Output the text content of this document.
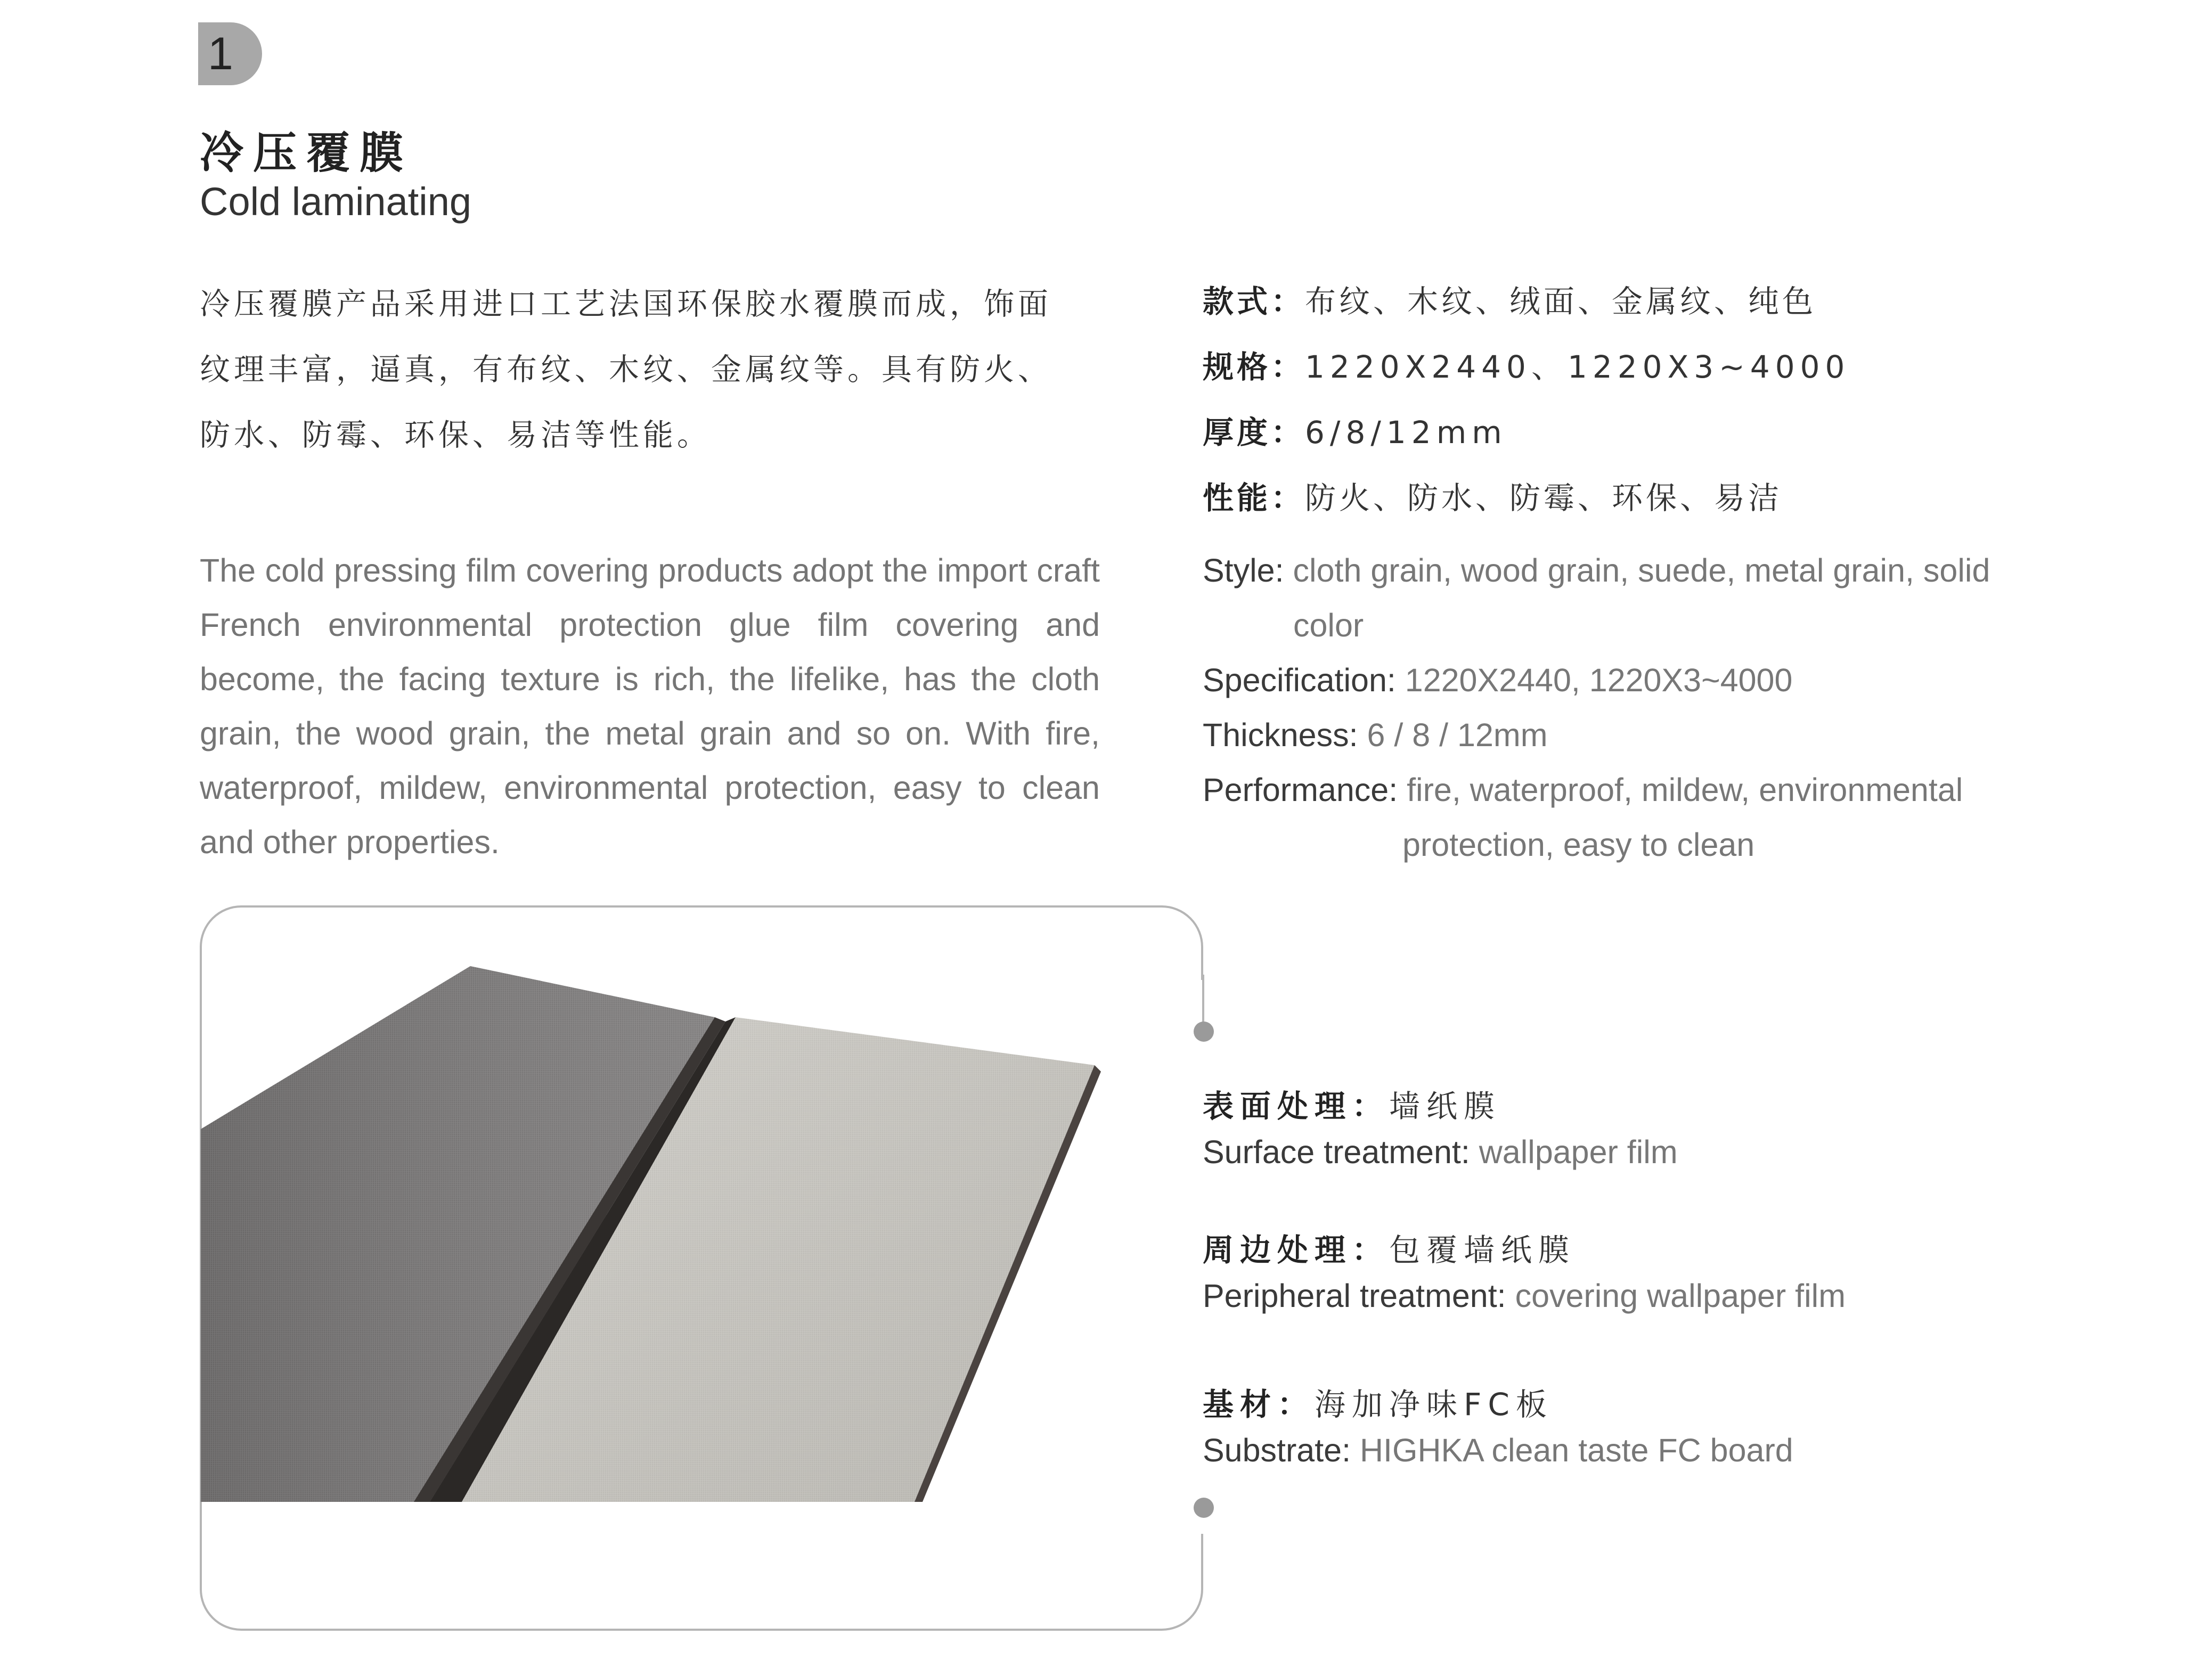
1
冷压覆膜
Cold laminating
冷压覆膜产品采用进口工艺法国环保胶水覆膜而成，饰面
纹理丰富，逼真，有布纹、木纹、金属纹等。具有防火、
防水、防霉、环保、易洁等性能。
The cold pressing film covering products adopt the import craft French environmental protection glue film covering and become, the facing texture is rich, the lifelike, has the cloth grain, the wood grain, the metal grain and so on. With fire, waterproof, mildew, environmental protection, easy to clean and other properties.
款式：布纹、木纹、绒面、金属纹、纯色
规格：1220X2440、1220X3~4000
厚度：6/8/12mm
性能：防火、防水、防霉、环保、易洁
Style: cloth grain, wood grain, suede, metal grain, solid
color
Specification: 1220X2440, 1220X3~4000
Thickness: 6 / 8 / 12mm
Performance: fire, waterproof, mildew, environmental
protection, easy to clean
表面处理：墙纸膜
Surface treatment: wallpaper film
周边处理：包覆墙纸膜
Peripheral treatment: covering wallpaper film
基材：海加净味FC板
Substrate: HIGHKA clean taste FC board
